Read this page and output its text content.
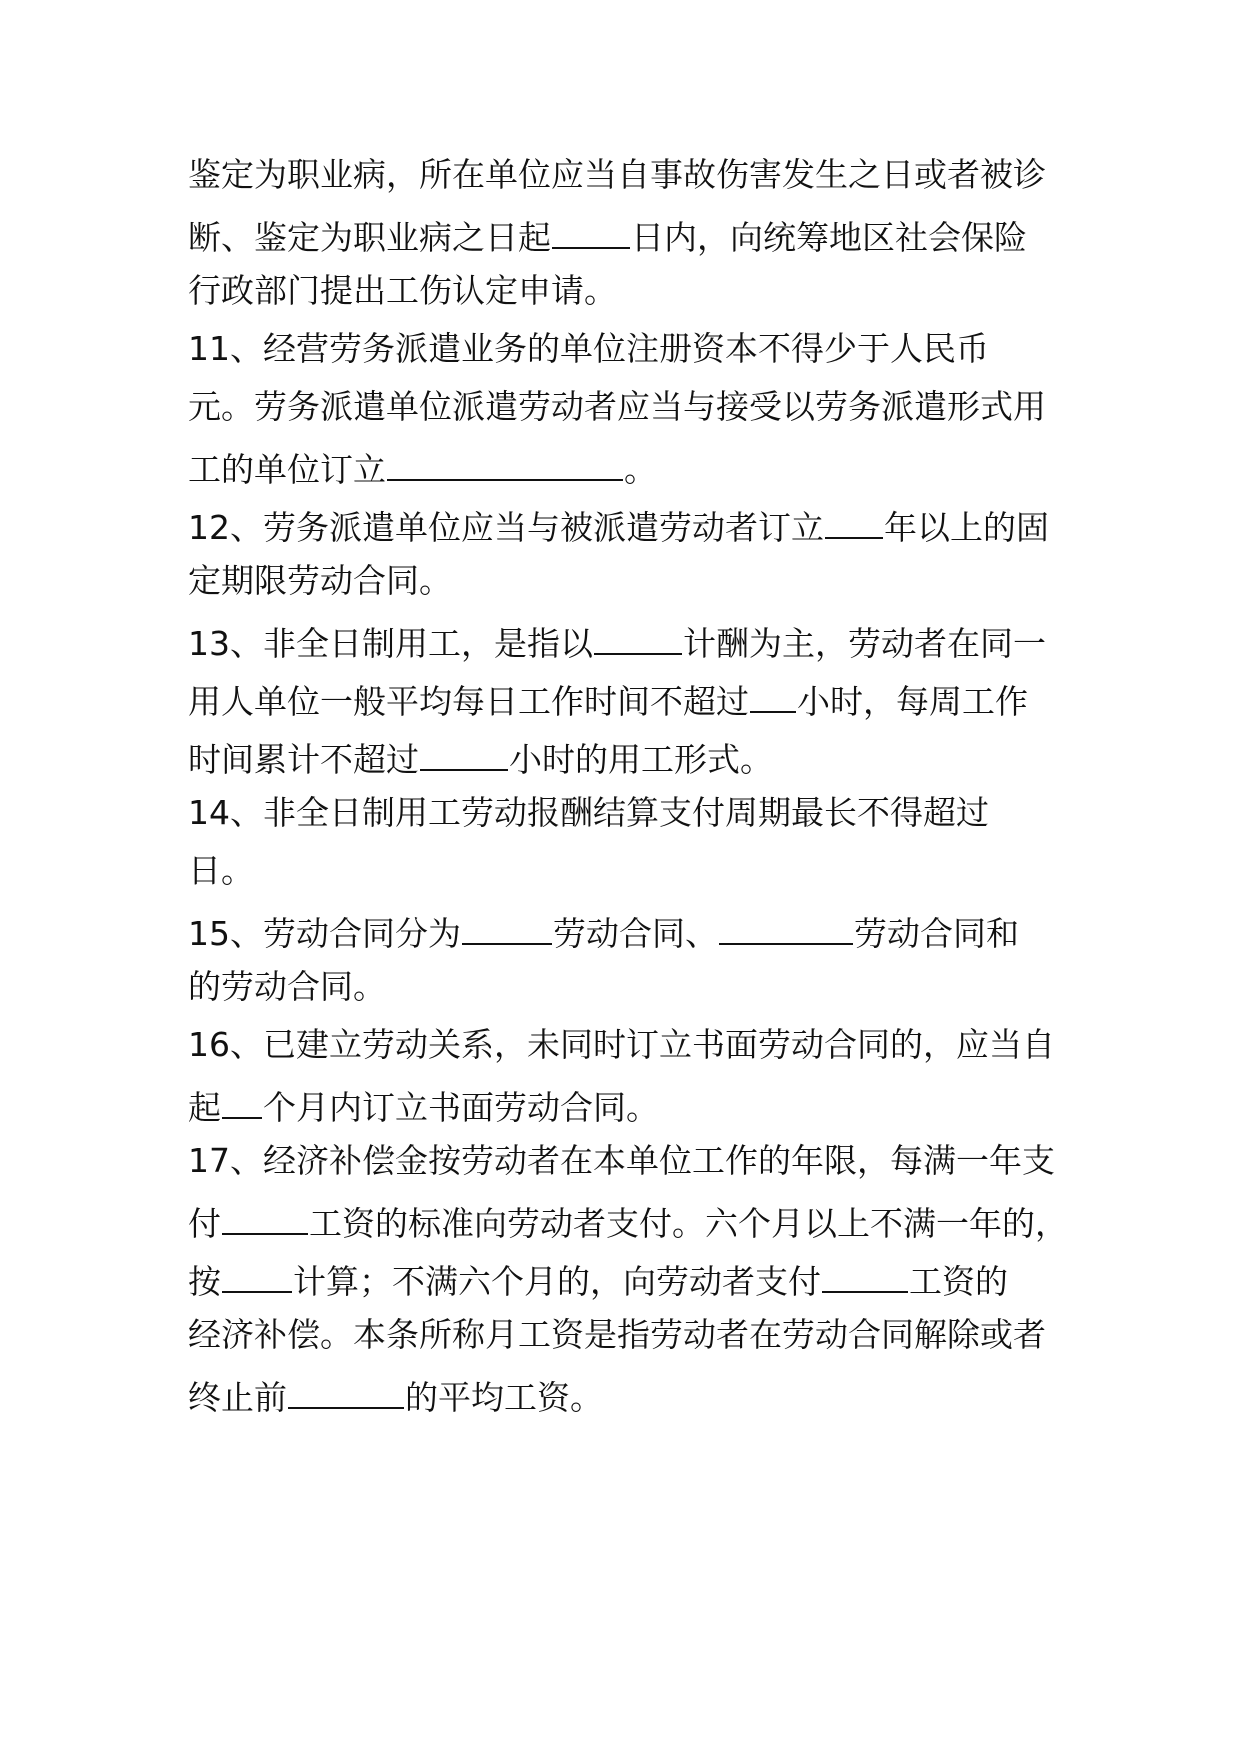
鉴定为职业病，所在单位应当自事故伤害发生之日或者被诊
断、鉴定为职业病之日起 日内，向统筹地区社会保险
行政部门提出工伤认定申请。
11、经营劳务派遣业务的单位注册资本不得少于人民币
元。劳务派遣单位派遣劳动者应当与接受以劳务派遣形式用
工的单位订立	。
12、劳务派遣单位应当与被派遣劳动者订立 年以上的固
定期限劳动合同。
13、非全日制用工，是指以	计酬为主，劳动者在同一
用人单位一般平均每日工作时间不超过 小时，每周工作
时间累计不超过	小时的用工形式。
14、非全日制用工劳动报酬结算支付周期最长不得超过
日。
15、劳动合同分为	劳动合同、	劳动合同和
的劳动合同。
16、已建立劳动关系，未同时订立书面劳动合同的，应当自
起 个月内订立书面劳动合同。
17、经济补偿金按劳动者在本单位工作的年限，每满一年支
付	工资的标准向劳动者支付。六个月以上不满一年的，
按 计算；不满六个月的，向劳动者支付	工资的
经济补偿。本条所称月工资是指劳动者在劳动合同解除或者
终止前	的平均工资。
